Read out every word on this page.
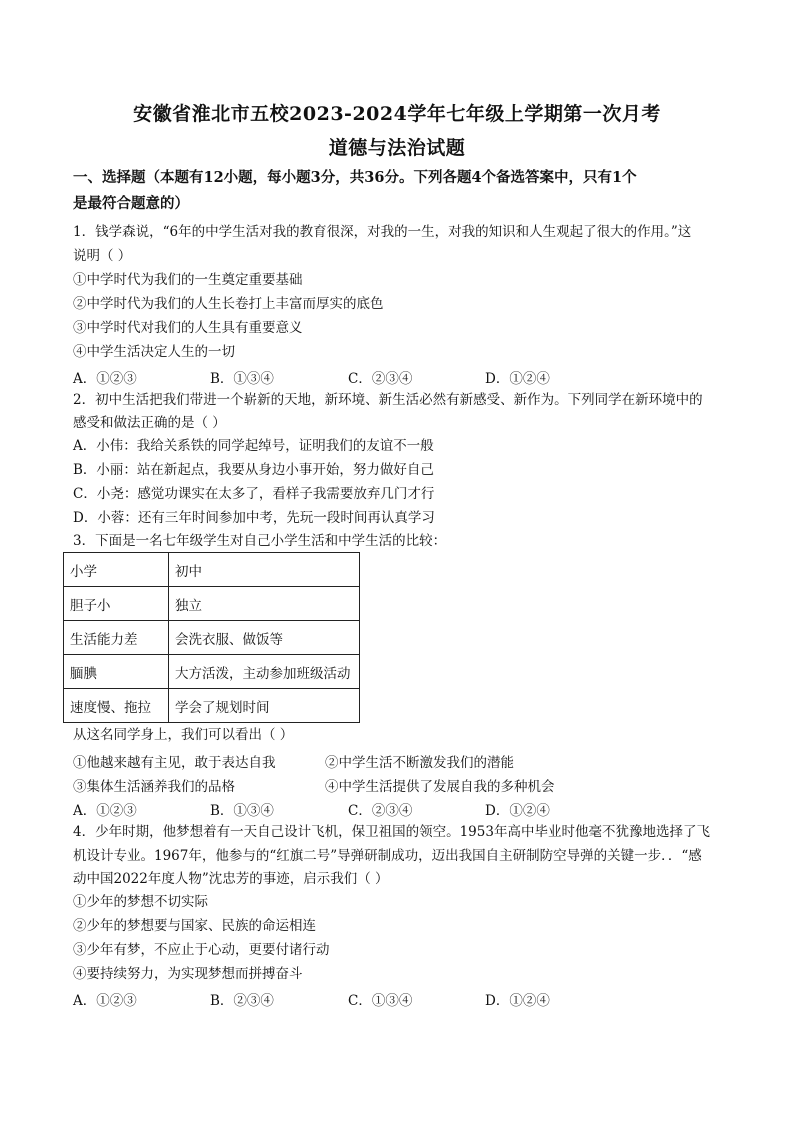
安徽省淮北市五校2023-2024学年七年级上学期第一次月考
道德与法治试题
一、选择题（本题有12小题，每小题3分，共36分。下列各题4个备选答案中，只有1个
是最符合题意的）
1．钱学森说，“6年的中学生活对我的教育很深，对我的一生，对我的知识和人生观起了很大的作用。”这
说明（ ）
①中学时代为我们的一生奠定重要基础
②中学时代为我们的人生长卷打上丰富而厚实的底色
③中学时代对我们的人生具有重要意义
④中学生活决定人生的一切
A．①②③	B．①③④	C．②③④	D．①②④
2．初中生活把我们带进一个崭新的天地，新环境、新生活必然有新感受、新作为。下列同学在新环境中的
感受和做法正确的是（ ）
A．小伟：我给关系铁的同学起绰号，证明我们的友谊不一般
B．小丽：站在新起点，我要从身边小事开始，努力做好自己
C．小尧：感觉功课实在太多了，看样子我需要放弃几门才行
D．小蓉：还有三年时间参加中考，先玩一段时间再认真学习
3．下面是一名七年级学生对自己小学生活和中学生活的比较：
小学	初中
胆子小	独立
生活能力差	会洗衣服、做饭等
腼腆	大方活泼，主动参加班级活动
速度慢、拖拉	学会了规划时间
从这名同学身上，我们可以看出（ ）
①他越来越有主见，敢于表达自我	②中学生活不断激发我们的潜能
③集体生活涵养我们的品格	④中学生活提供了发展自我的多种机会
A．①②③	B．①③④	C．②③④	D．①②④
4．少年时期，他梦想着有一天自己设计飞机，保卫祖国的领空。1953年高中毕业时他毫不犹豫地选择了飞
机设计专业。1967年，他参与的“红旗二号”导弹研制成功，迈出我国自主研制防空导弹的关键一步．．“感
动中国2022年度人物”沈忠芳的事迹，启示我们（ ）
①少年的梦想不切实际
②少年的梦想要与国家、民族的命运相连
③少年有梦，不应止于心动，更要付诸行动
④要持续努力，为实现梦想而拼搏奋斗
A．①②③	B．②③④	C．①③④	D．①②④
